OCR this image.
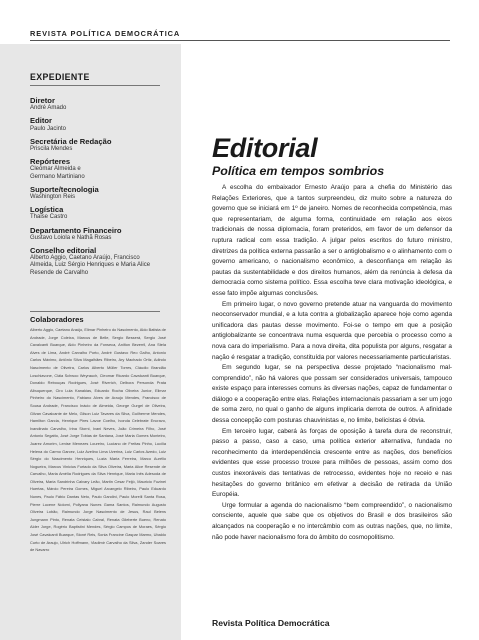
REVISTA POLÍTICA DEMOCRÁTICA
EXPEDIENTE
Diretor
André Amado
Editor
Paulo Jacinto
Secretária de Redação
Priscila Mendes
Repórteres
Cleomar Almeida e
Germano Martiniano
Suporte/tecnologia
Washington Reis
Logística
Thaise Castro
Departamento Financeiro
Gustavo Loiola e Nathã Rosas
Conselho editorial
Alberto Aggio, Caetano Araújo, Francisco
Almeida, Luiz Sérgio Henriques e Maria Alice
Resende de Carvalho
Colaboradores
Alberto Aggio, Caetano Araújo, Elimar Pinheiro do Nascimento, Aldo Batista de Andrade, Jorge Coleixa, Marcus de Belle, Sergio Besserá, Sergio José Cavalcanti Buarque, Aldo Pinheiro da Fonseca, Anilton Bezerril, Ana Stela Alves de Lima, André Carvalho Porto, André Gustavo Reo Galho, Antonio Carlos Máximo, Antônio Silva Magalhães Ribeiro, Ary Machado Ortiz, Adindo Nascimento de Oliveira, Carlos Alberto Müller Torres, Cláudio Brandão Loschiavone, Cláia Schwoo Weyrauch, Cleomar Ricardo Cavalcanti Buarque, Donaldo Rebouças Rodrigues, José Riverich, Delbora Personda Prata Albuquerque, Ciro Lula Kanakias, Eduardo Rocha Oliveira Junior, Elimar Pinheiro do Nascimento, Fabiano Alves de Araujo Mendes, Francisco de Sousa Andrade, Francisco Inácio de Almeida, George Gurgel de Oliveira, Gilvan Cavalcante de Melo, Gilson Luiz Tavares da Silva, Guilherme Mendes, Hamilton Garcia, Henrique Pires Lavoe Coelho, Ivonda Celebrate Encravo, Ivandinato Carvalho, Irina Storni, Ivani Neves, João Crimeira Filho, José Antonio Segatto, José Jorge Tobias de Santana, José Maria Gomes Monteiro, Juarez Amorim, Lenise Menezes Loureiro, Luciano de Freitas Pinho, Lucília Helena do Carmo Garcez, Luiz Avelino Lima Uverina, Luiz Carlos Azedo, Luiz Sérgio do Nascimento Henriques, Luzia Maria Ferreira, Marco Aurélio Nogueira, Marcus Vinicius Furtado da Silva Oliveira, Maria Alice Resende de Carvalho, Maria Amélia Rodrigues da Silva Henrique, Maria Inês Adesoda de Oliveira, Maria Sandrinha Calvary Leão, Martin Cesar Feijó, Mauricio Fuzinei Huertas, Márcio Pereira Gomes, Miguel Arcangelo Ribeiro, Paulo Eduardo Nunes, Paulo Fábio Dantas Neto, Paulo Gandini, Paulo Morelli Santa Rosa, Pierre Lucene Nolomi, Pollyana Nunes Gama Santos, Raimundo Augusto Oliveira Lobão, Raimundo Jorge Nascimento de Jesus, Raul Belens Jungmann Pinto, Renata Ceistalo Cabral, Renata Gileberte Bueno, Renato Alder Jorge, Rogério Baptistini Mendes, Sérgio Campos de Moraes, Sérgio José Cavalcanti Buarque, Stoné Reis, Sonia Francine Gaspar Marmo, Ubaldo Curto de Araujo, Ulrich Hoffmann, Vladimir Carvalho da Silva, Zander Soares de Navarro
Editorial
Política em tempos sombrios

A escolha do embaixador Ernesto Araújo para a chefia do Ministério das Relações Exteriores, que a tantos surpreendeu, diz muito sobre a natureza do governo que se iniciará em 1º de janeiro. Nomes de reconhecida competência, mas que representariam, de alguma forma, continuidade em relação aos eixos tradicionais de nossa diplomacia, foram preteridos, em favor de um defensor da ruptura radical com essa tradição. A julgar pelos escritos do futuro ministro, diretrizes da política externa passarão a ser o antiglobalismo e o alinhamento com o governo americano, o nacionalismo econômico, a desconfiança em relação às pautas da sustentabilidade e dos direitos humanos, além da renúncia à defesa da democracia como sistema político. Essa escolha teve clara motivação ideológica, e esse fato impõe algumas conclusões.

Em primeiro lugar, o novo governo pretende atuar na vanguarda do movimento neoconservador mundial, e a luta contra a globalização aparece hoje como agenda unificadora das pautas desse movimento. Foi-se o tempo em que a posição antiglobalizante se concentrava numa esquerda que percebia o processo como a nova cara do imperialismo. Para a nova direita, dita populista por alguns, resgatar a nação é resgatar a tradição, constituída por valores necessariamente particularistas.

Em segundo lugar, se na perspectiva desse projetado “nacionalismo mal-comprendido”, não há valores que possam ser considerados universais, tampouco existe espaço para interesses comuns às diversas nações, capaz de fundamentar o diálogo e a cooperação entre elas. Relações internacionais passariam a ser um jogo de soma zero, no qual o ganho de alguns implicaria derrota de outros. A afinidade dessa concepção com posturas chauvinistas e, no limite, belicistas é óbvia.

Em terceiro lugar, caberá às forças de oposição à tarefa dura de reconstruir, passo a passo, caso a caso, uma política exterior alternativa, fundada no reconhecimento da interdependência crescente entre as nações, dos benefícios evidentes que esse processo trouxe para milhões de pessoas, assim como dos custos inexoráveis das tentativas de retrocesso, evidentes hoje no receio e nas hesitações do governo britânico em efetivar a decisão de retirada da União Européia.

Urge formular a agenda do nacionalismo “bem compreendido”, o nacionalismo consciente, aquele que sabe que os objetivos do Brasil e dos brasileiros são alcançados na cooperação e no intercâmbio com as outras nações, que, no limite, não pode haver nacionalismo fora do âmbito do cosmopolitismo.

Revista Política Democrática
